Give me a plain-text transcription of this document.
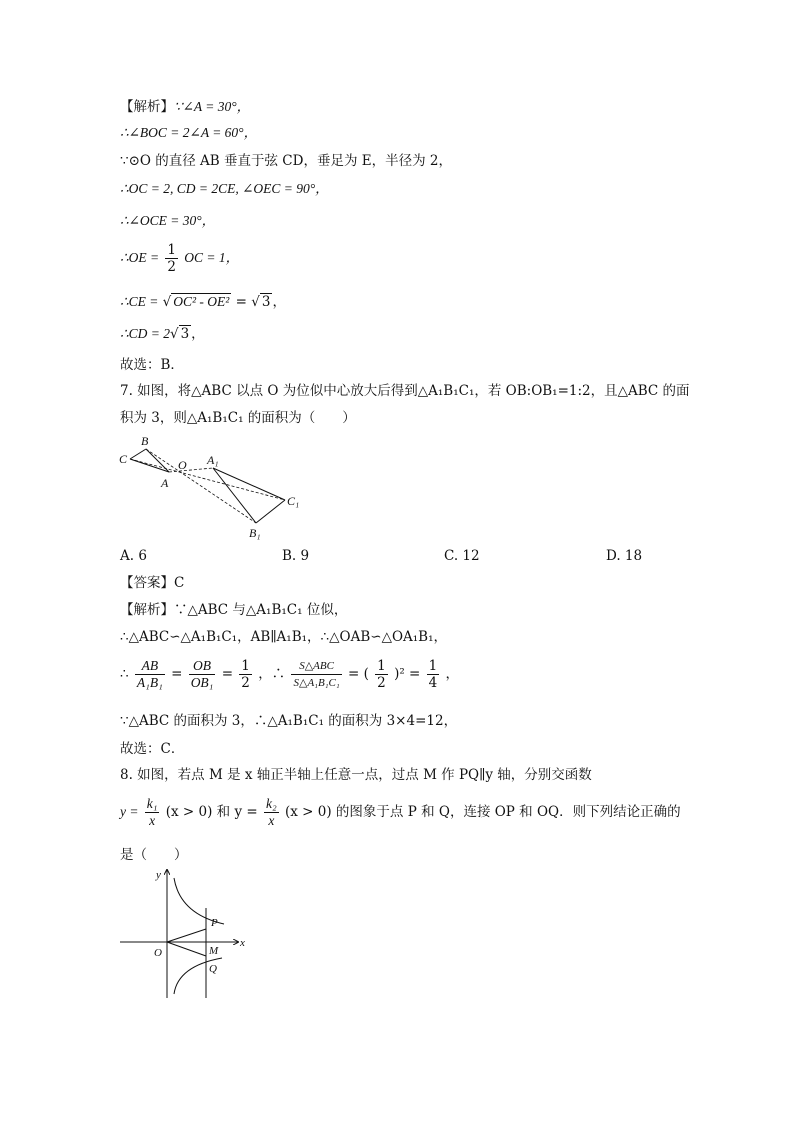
【解析】∵∠A = 30°，
∴∠BOC = 2∠A = 60°，
∵⊙O 的直径 AB 垂直于弦 CD，垂足为 E，半径为 2，
∴OC = 2, CD = 2CE, ∠OEC = 90°，
∴∠OCE = 30°，
∴OE = $\frac{1}{2}$ OC = 1，
∴CE = √ OC² - OE² = √ 3 ，
∴CD = 2√ 3 ，
故选：B．
7. 如图，将△ABC 以点 O 为位似中心放大后得到△A₁B₁C₁，若 OB:OB₁=1:2，且△ABC 的面
积为 3，则△A₁B₁C₁ 的面积为（　　）
B
C	O
A
A₁
C₁
B₁
A. 6	B. 9	C. 12	D. 18
【答案】C
【解析】∵△ABC 与△A₁B₁C₁ 位似，
∴△ABC∽△A₁B₁C₁，AB∥A₁B₁，∴△OAB∽△OA₁B₁，
∴ $\frac{AB}{\text{A₁B₁}} = \frac{OB}{\text{OB₁}} = \frac{1}{2}$ ，∴ $\frac{\text{S△ABC}}{\text{S△A₁B₁C₁}}$ = ( $\frac{1}{2} )^2 = \frac{1}{4}$ ，
∵△ABC 的面积为 3，∴△A₁B₁C₁ 的面积为 3×4=12，
故选：C．
8. 如图，若点 M 是 x 轴正半轴上任意一点，过点 M 作 PQ∥y 轴，分别交函数
$y = \frac{\text{k₁}}{x} (x > 0)$ 和 $y = \frac{\text{k₂}}{x} (x > 0)$ 的图象于点 P 和 Q，连接 OP 和 OQ．则下列结论正确的
是（　　）
y
x
O
P
M
Q
